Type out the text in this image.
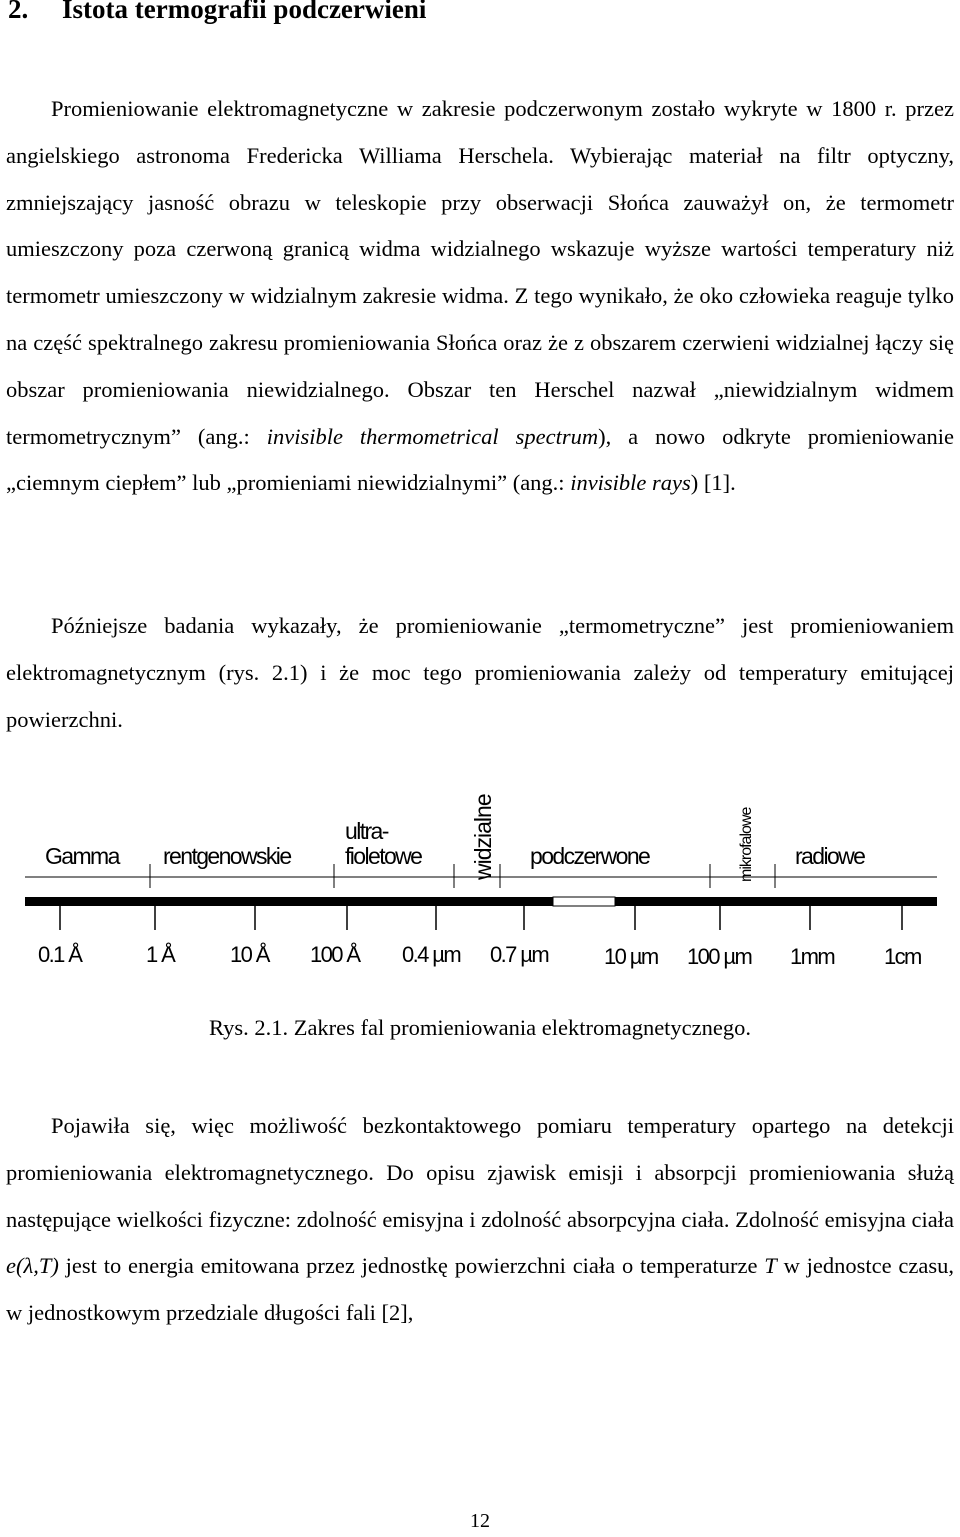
2. Istota termografii podczerwieni

Promieniowanie elektromagnetyczne w zakresie podczerwonym zostało wykryte w 1800 r. przez angielskiego astronoma Fredericka Williama Herschela. Wybierając materiał na filtr optyczny, zmniejszający jasność obrazu w teleskopie przy obserwacji Słońca zauważył on, że termometr umieszczony poza czerwoną granicą widma widzialnego wskazuje wyższe wartości temperatury niż termometr umieszczony w widzialnym zakresie widma. Z tego wynikało, że oko człowieka reaguje tylko na część spektralnego zakresu promieniowania Słońca oraz że z obszarem czerwieni widzialnej łączy się obszar promieniowania niewidzialnego. Obszar ten Herschel nazwał „niewidzialnym widmem termometrycznym” (ang.: invisible thermometrical spectrum), a nowo odkryte promieniowanie „ciemnym ciepłem” lub „promieniami niewidzialnymi” (ang.: invisible rays) [1].

Późniejsze badania wykazały, że promieniowanie „termometryczne” jest promieniowaniem elektromagnetycznym (rys. 2.1) i że moc tego promieniowania zależy od temperatury emitującej powierzchni.

Gamma rentgenowskie
ultra-
fioletowe widzialne podczerwone	mikrofalowe radiowe
0.1 Å	1 Å	10 Å 100 Å 0.4 µm 0.7 µm	10 µm 100 µm 1mm 1cm
Rys. 2.1. Zakres fal promieniowania elektromagnetycznego.

Pojawiła się, więc możliwość bezkontaktowego pomiaru temperatury opartego na detekcji promieniowania elektromagnetycznego. Do opisu zjawisk emisji i absorpcji promieniowania służą następujące wielkości fizyczne: zdolność emisyjna i zdolność absorpcyjna ciała. Zdolność emisyjna ciała e(λ,T) jest to energia emitowana przez jednostkę powierzchni ciała o temperaturze T w jednostce czasu, w jednostkowym przedziale długości fali [2],

12
